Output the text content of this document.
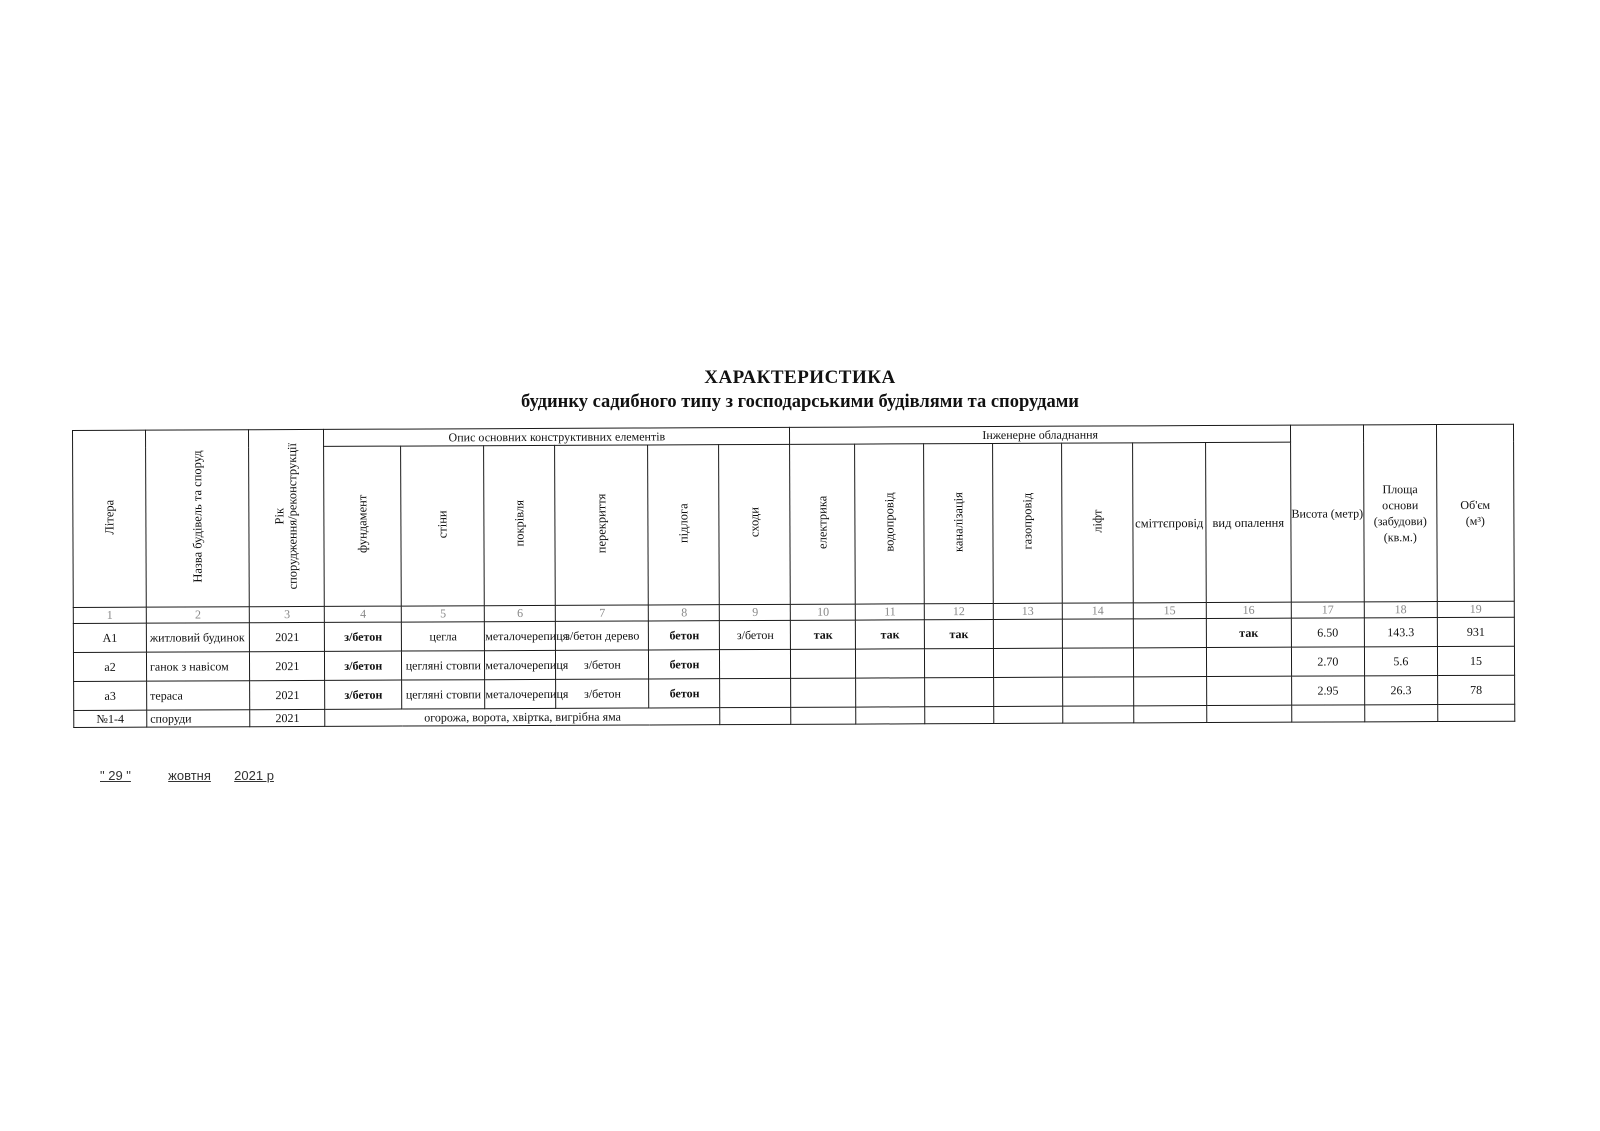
ХАРАКТЕРИСТИКА
будинку садибного типу з господарськими будівлями та спорудами
Літера	Назва будівель та споруд	Рік
спорудження/реконструкції	Опис основних конструктивних елементів						Інженерне обладнання							Висота (метр)	Площа основи (забудови) (кв.м.)	Об'єм
(м³)
			фундамент	стіни	покрівля	перекриття	підлога	сходи	електрика	водопровід	каналізація	газопровід	ліфт	сміттєпровід	вид опалення			
1	2	3	4	5	6	7	8	9	10	11	12	13	14	15	16	17	18	19
А1	житловий будинок	2021	з/бетон	цегла	металочерепиця	з/бетон дерево	бетон	з/бетон	так	так	так				так	6.50	143.3	931
а2	ганок з навісом	2021	з/бетон	цегляні стовпи	металочерепиця	з/бетон	бетон									2.70	5.6	15
а3	тераса	2021	з/бетон	цегляні стовпи	металочерепиця	з/бетон	бетон									2.95	26.3	78
№1-4	споруди	2021	огорожа, ворота, хвіртка, вигрібна яма															
" 29 "	жовтня 2021 р
